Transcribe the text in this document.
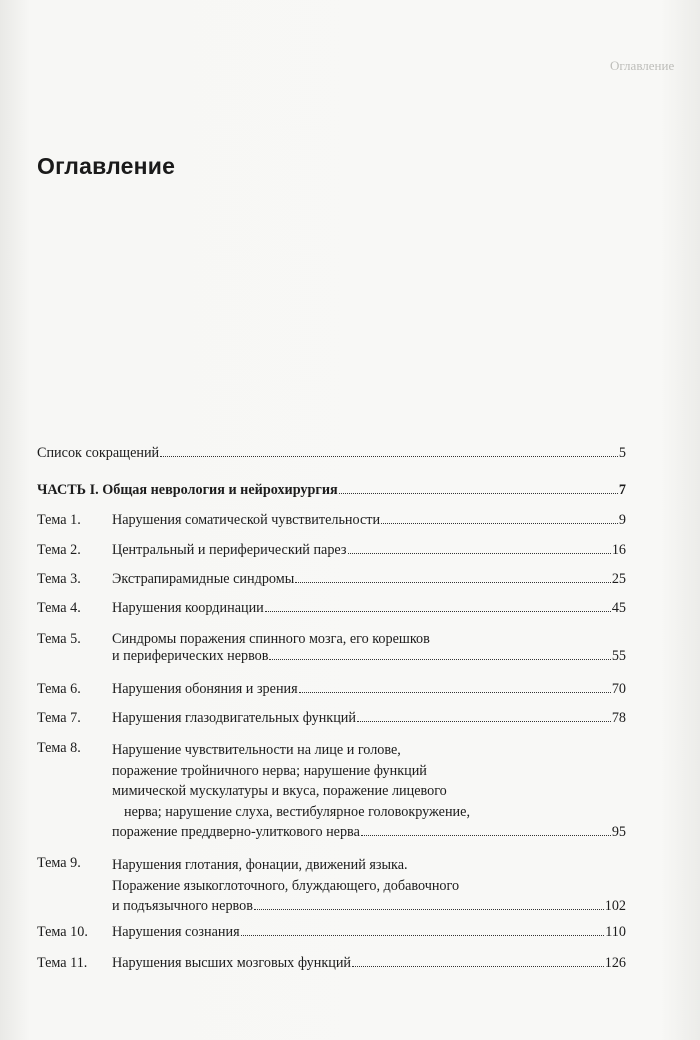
Оглавление
Оглавление
Список сокращений	5
ЧАСТЬ I. Общая неврология и нейрохирургия	7
Тема 1. Нарушения соматической чувствительности	9
Тема 2. Центральный и периферический парез	16
Тема 3. Экстрапирамидные синдромы	25
Тема 4. Нарушения координации	45
Тема 5. Синдромы поражения спинного мозга, его корешков
и периферических нервов	55
Тема 6. Нарушения обоняния и зрения	70
Тема 7. Нарушения глазодвигательных функций	78
Тема 8. Нарушение чувствительности на лице и голове,
поражение тройничного нерва; нарушение функций
мимической мускулатуры и вкуса, поражение лицевого
нерва; нарушение слуха, вестибулярное головокружение,
поражение преддверно-улиткового нерва	95
Тема 9. Нарушения глотания, фонации, движений языка.
Поражение языкоглоточного, блуждающего, добавочного
и подъязычного нервов	102
Тема 10. Нарушения сознания	110
Тема 11. Нарушения высших мозговых функций	126
